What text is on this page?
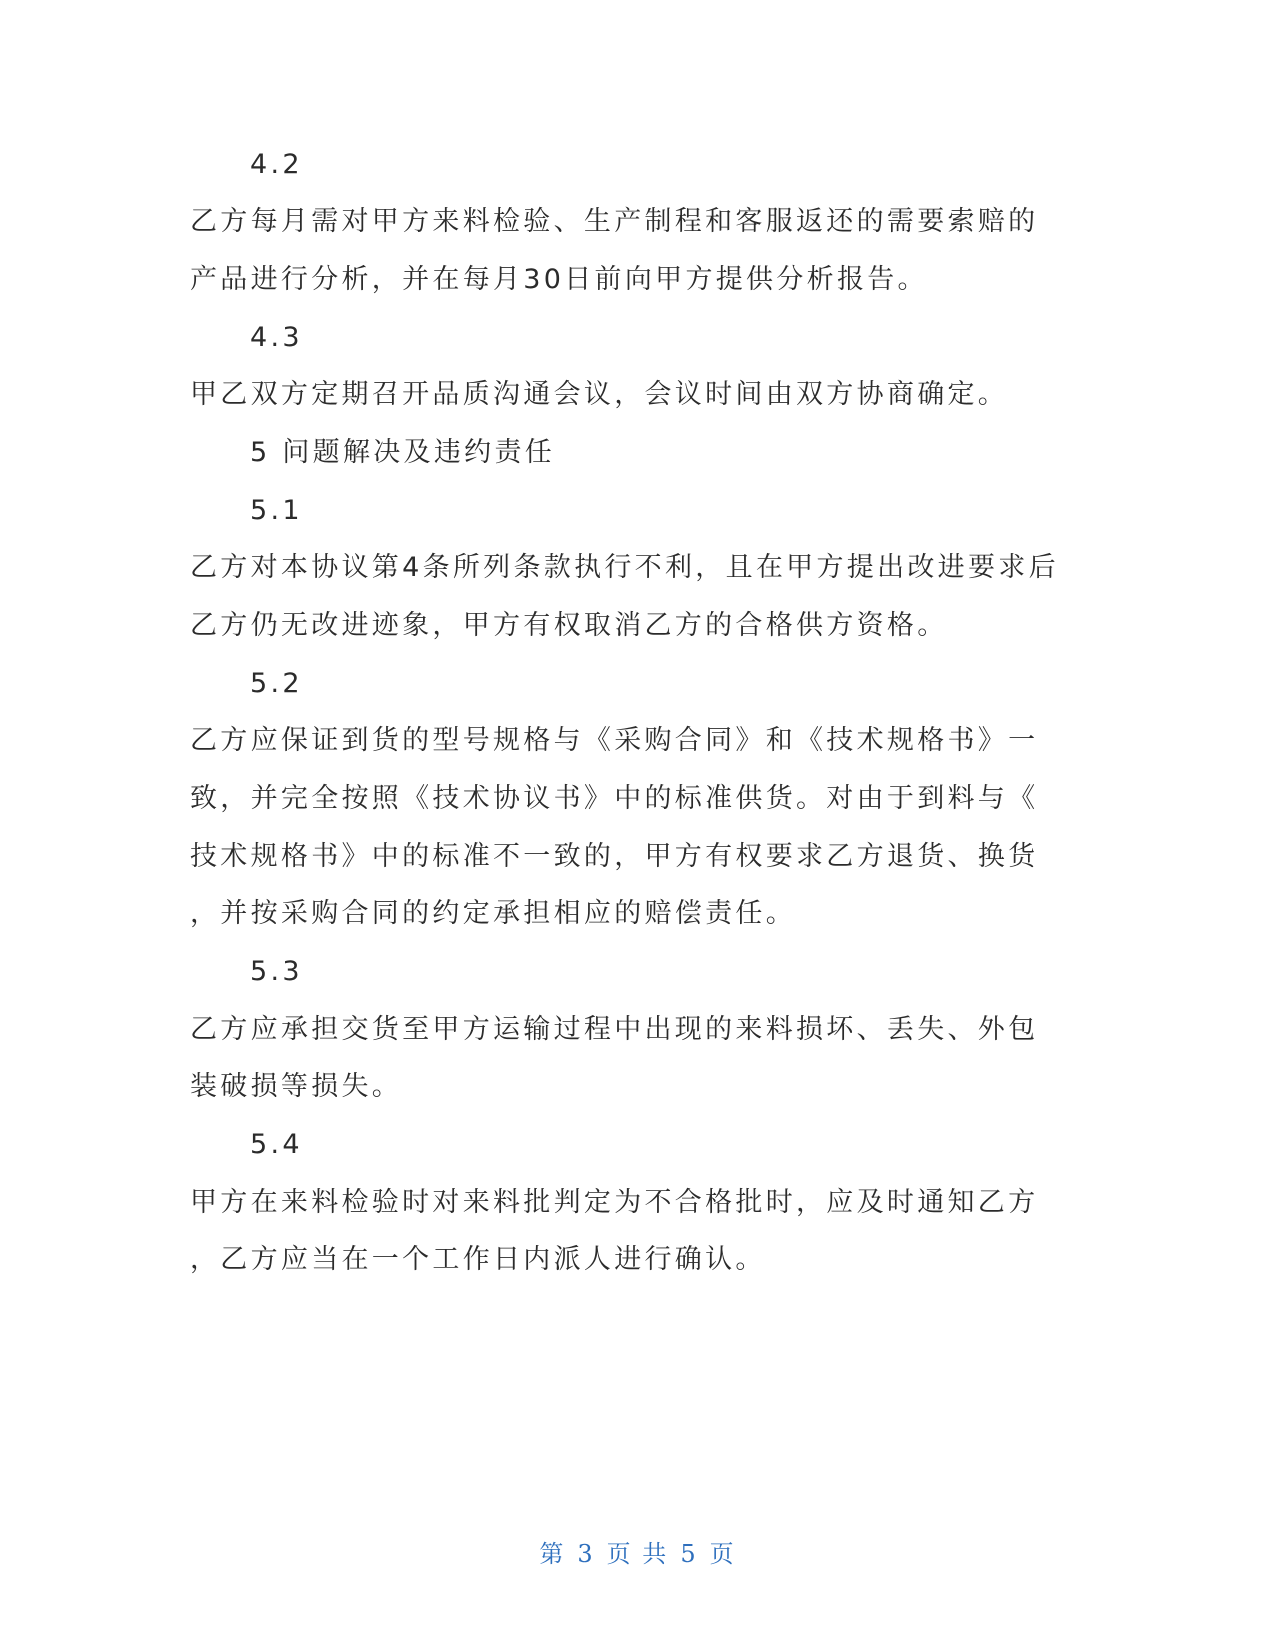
4.2

乙方每月需对甲方来料检验、生产制程和客服返还的需要索赔的

产品进行分析，并在每月30日前向甲方提供分析报告。

4.3

甲乙双方定期召开品质沟通会议，会议时间由双方协商确定。

5 问题解决及违约责任

5.1

乙方对本协议第4条所列条款执行不利，且在甲方提出改进要求后

乙方仍无改进迹象，甲方有权取消乙方的合格供方资格。

5.2

乙方应保证到货的型号规格与《采购合同》和《技术规格书》一

致，并完全按照《技术协议书》中的标准供货。对由于到料与《

技术规格书》中的标准不一致的，甲方有权要求乙方退货、换货

，并按采购合同的约定承担相应的赔偿责任。

5.3

乙方应承担交货至甲方运输过程中出现的来料损坏、丢失、外包

装破损等损失。

5.4

甲方在来料检验时对来料批判定为不合格批时，应及时通知乙方

，乙方应当在一个工作日内派人进行确认。

第 3 页 共 5 页
